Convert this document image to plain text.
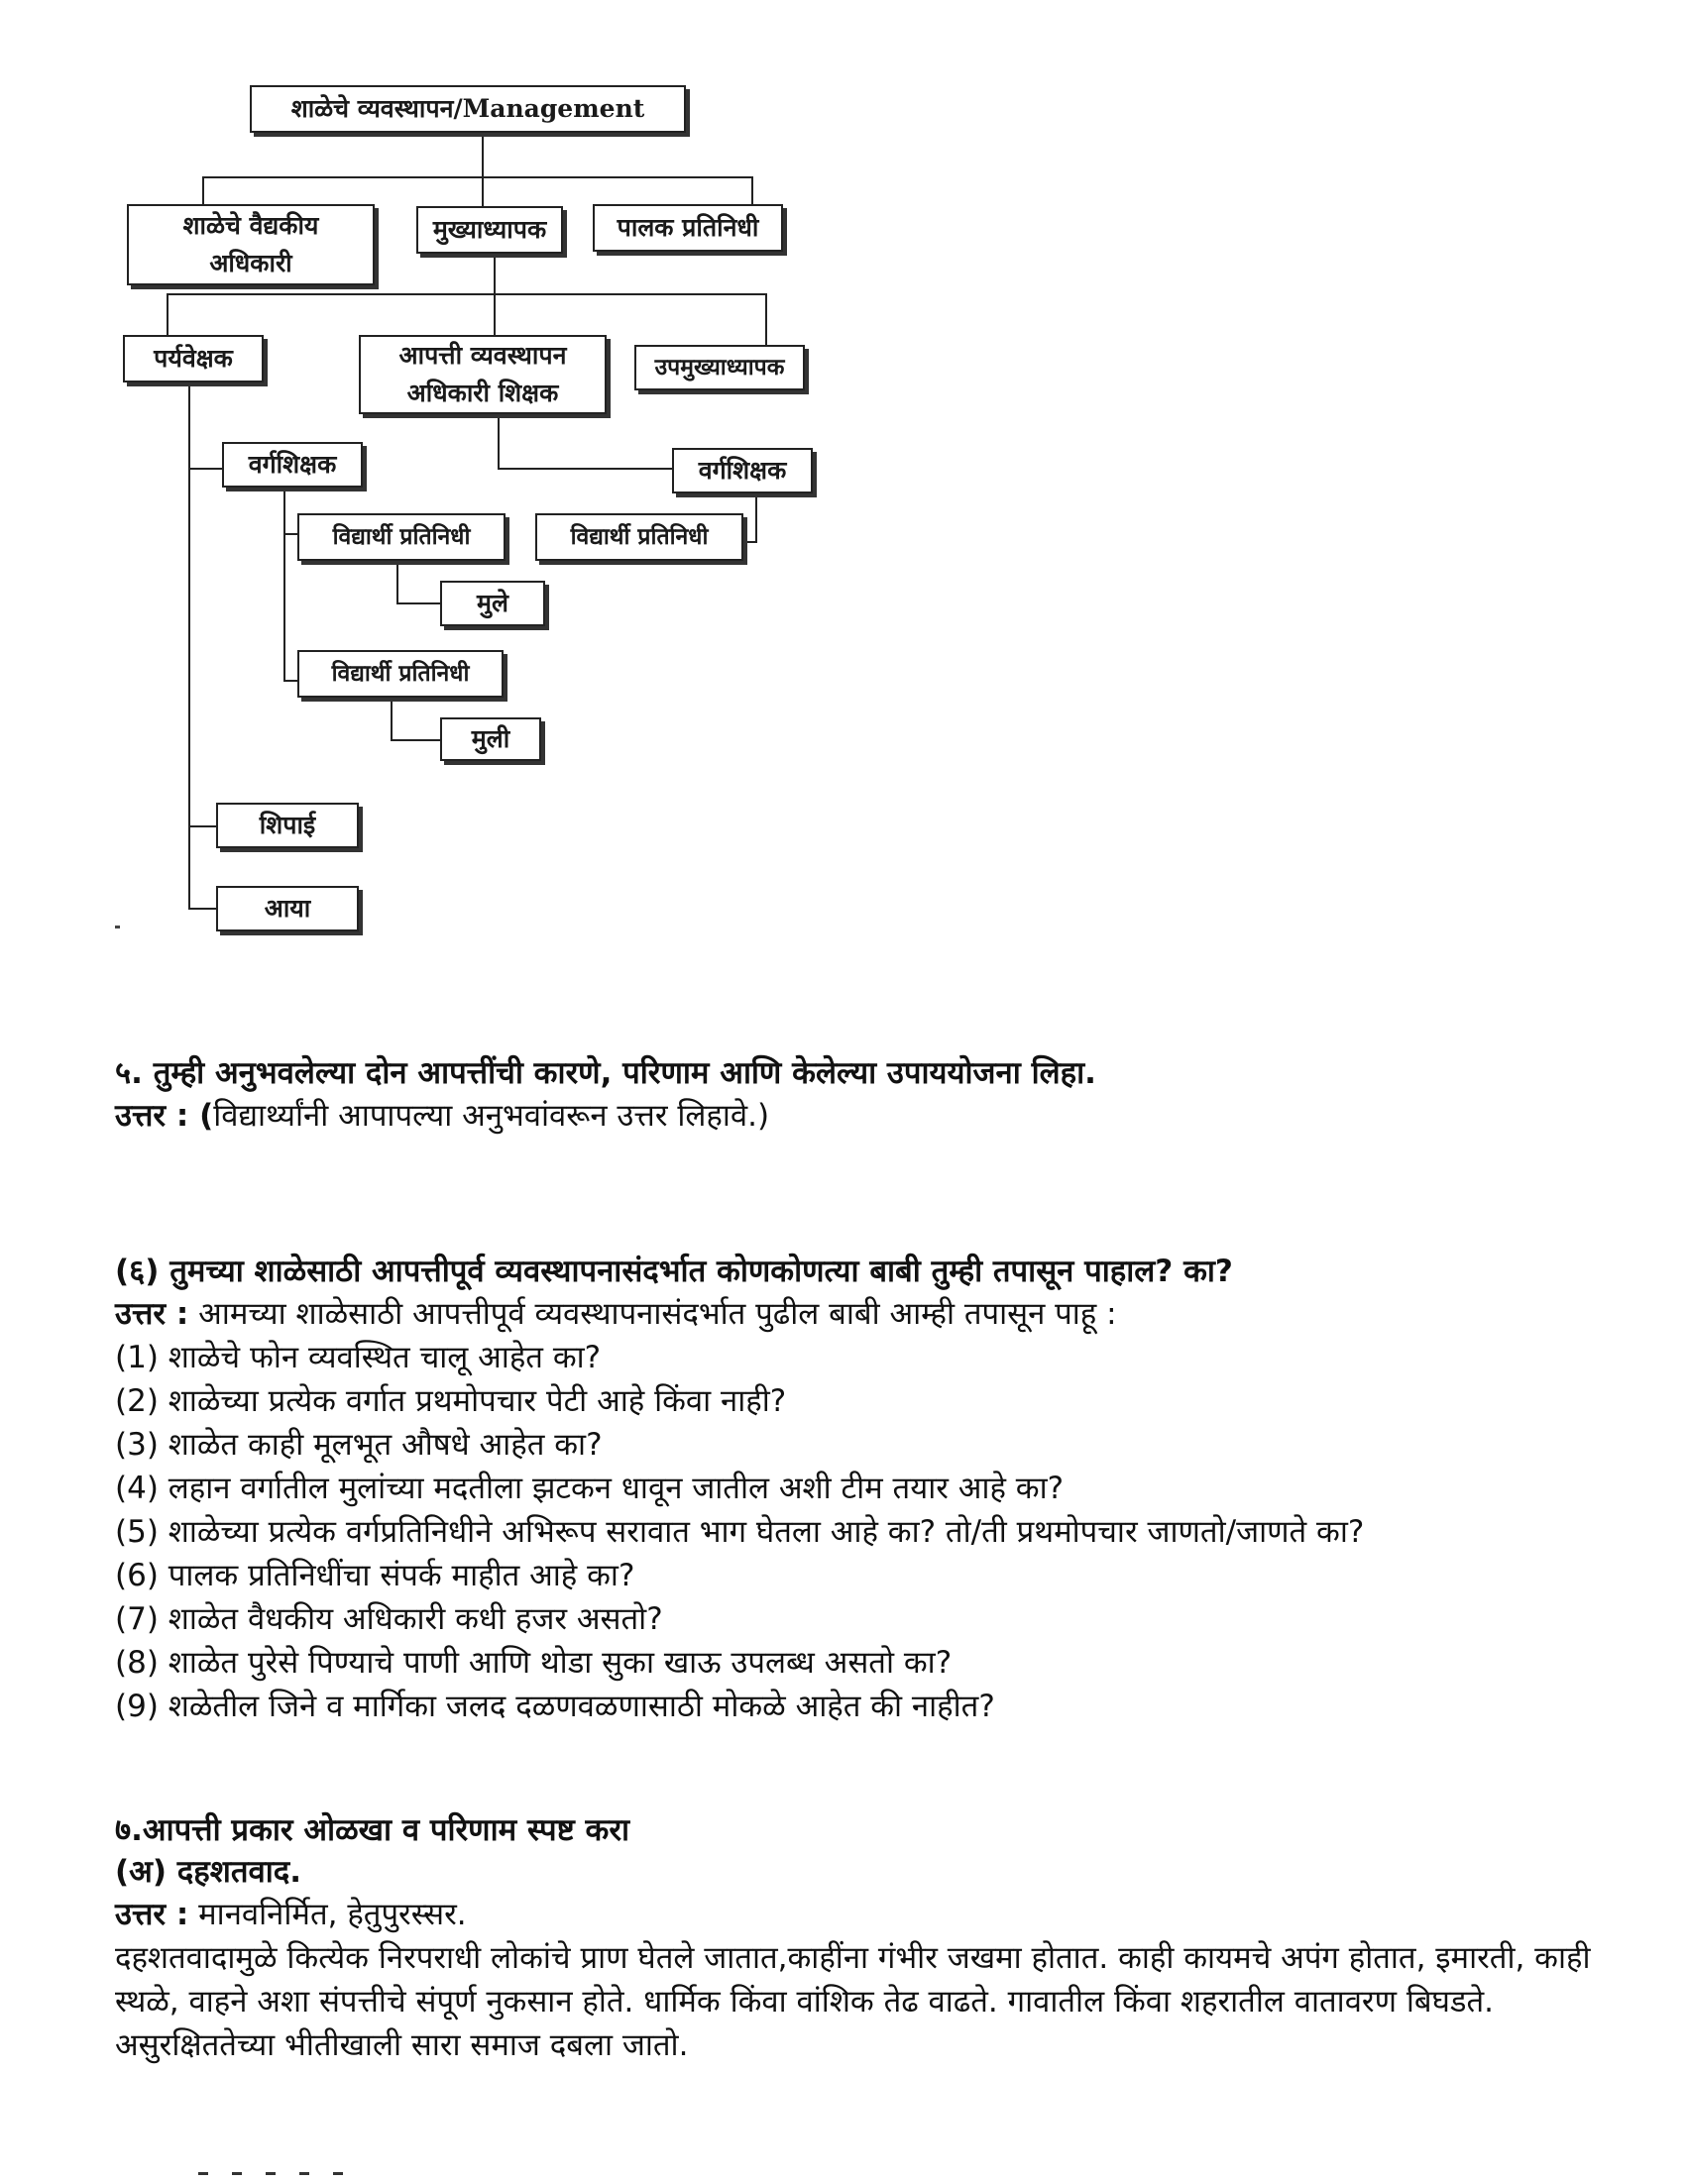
शाळेचे व्यवस्थापन/Management
शाळेचे वैद्यकीय अधिकारी
मुख्याध्यापक	पालक प्रतिनिधी
पर्यवेक्षक	आपत्ती व्यवस्थापन अधिकारी शिक्षक
उपमुख्याध्यापक
वर्गशिक्षक	वर्गशिक्षक
विद्यार्थी प्रतिनिधी	विद्यार्थी प्रतिनिधी
मुले
विद्यार्थी प्रतिनिधी
मुली
शिपाई
आया

५. तुम्ही अनुभवलेल्या दोन आपत्तींची कारणे, परिणाम आणि केलेल्या उपाययोजना लिहा.

उत्तर : (विद्यार्थ्यांनी आपापल्या अनुभवांवरून उत्तर लिहावे.)

(६) तुमच्या शाळेसाठी आपत्तीपूर्व व्यवस्थापनासंदर्भात कोणकोणत्या बाबी तुम्ही तपासून पाहाल? का?

उत्तर : आमच्या शाळेसाठी आपत्तीपूर्व व्यवस्थापनासंदर्भात पुढील बाबी आम्ही तपासून पाहू :

(1) शाळेचे फोन व्यवस्थित चालू आहेत का?

(2) शाळेच्या प्रत्येक वर्गात प्रथमोपचार पेटी आहे किंवा नाही?

(3) शाळेत काही मूलभूत औषधे आहेत का?

(4) लहान वर्गातील मुलांच्या मदतीला झटकन धावून जातील अशी टीम तयार आहे का?

(5) शाळेच्या प्रत्येक वर्गप्रतिनिधीने अभिरूप सरावात भाग घेतला आहे का? तो/ती प्रथमोपचार जाणतो/जाणते का?

(6) पालक प्रतिनिधींचा संपर्क माहीत आहे का?

(7) शाळेत वैधकीय अधिकारी कधी हजर असतो?

(8) शाळेत पुरेसे पिण्याचे पाणी आणि थोडा सुका खाऊ उपलब्ध असतो का?

(9) शळेतील जिने व मार्गिका जलद दळणवळणासाठी मोकळे आहेत की नाहीत?

७.आपत्ती प्रकार ओळखा व परिणाम स्पष्ट करा

(अ) दहशतवाद.

उत्तर : मानवनिर्मित, हेतुपुरस्सर.

दहशतवादामुळे कित्येक निरपराधी लोकांचे प्राण घेतले जातात,काहींना गंभीर जखमा होतात. काही कायमचे अपंग होतात, इमारती, काही स्थळे, वाहने अशा संपत्तीचे संपूर्ण नुकसान होते. धार्मिक किंवा वांशिक तेढ वाढते. गावातील किंवा शहरातील वातावरण बिघडते. असुरक्षिततेच्या भीतीखाली सारा समाज दबला जातो.
